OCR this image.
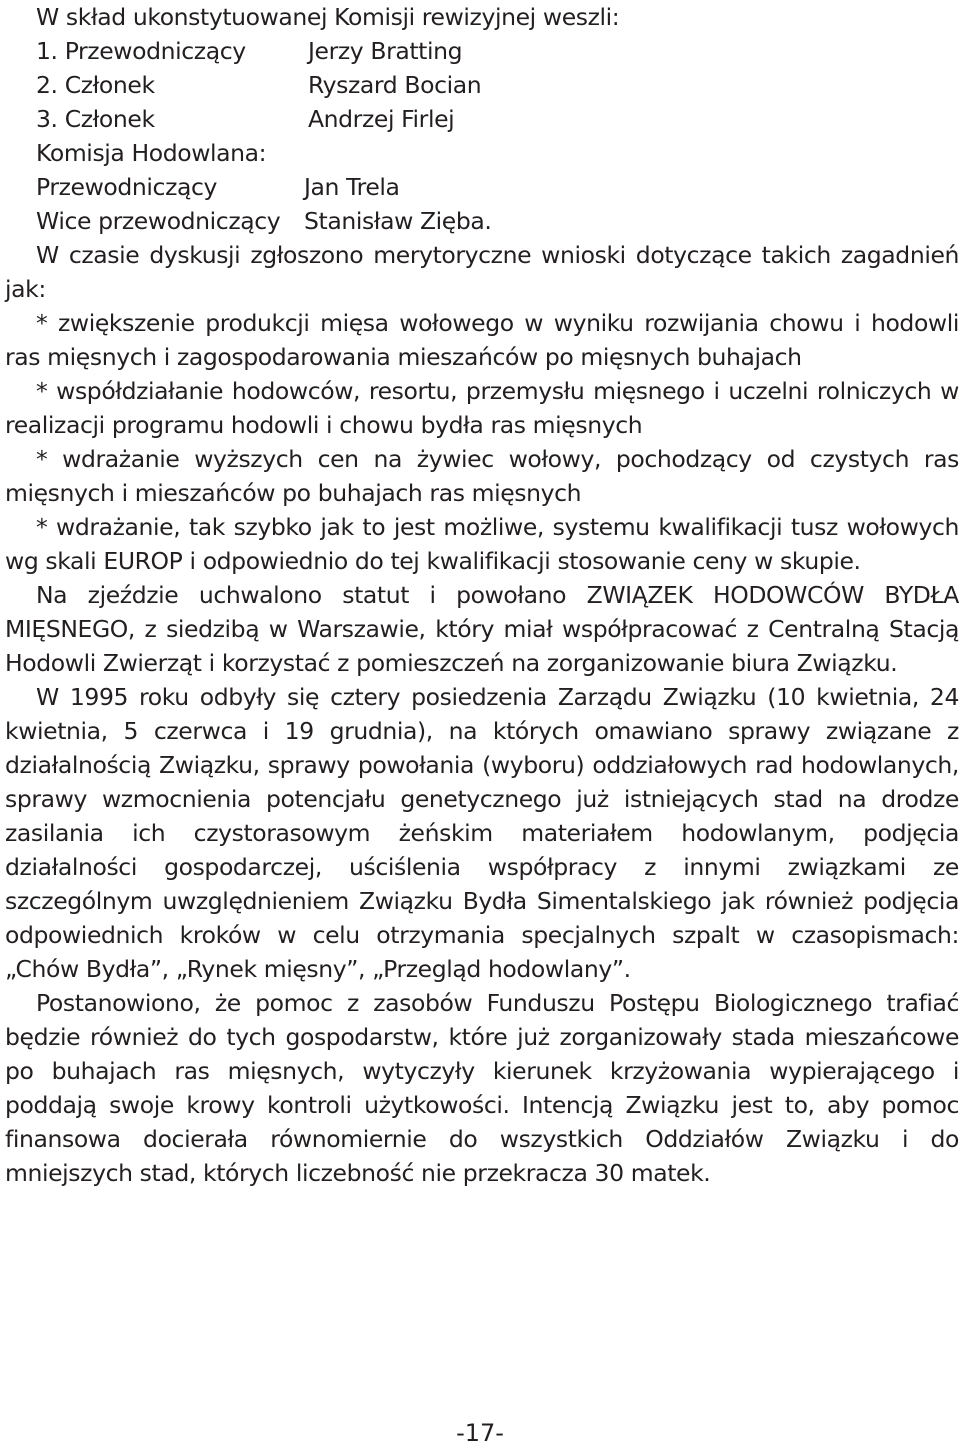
W skład ukonstytuowanej Komisji rewizyjnej weszli:
1. Przewodniczący	Jerzy Bratting
2. Członek	Ryszard Bocian
3. Członek	Andrzej Firlej
Komisja Hodowlana:
Przewodniczący	Jan Trela
Wice przewodniczący	Stanisław Zięba.

W czasie dyskusji zgłoszono merytoryczne wnioski dotyczące takich zagadnień jak:

* zwiększenie produkcji mięsa wołowego w wyniku rozwijania chowu i hodowli ras mięsnych i zagospodarowania mieszańców po mięsnych buhajach

* współdziałanie hodowców, resortu, przemysłu mięsnego i uczelni rolniczych w realizacji programu hodowli i chowu bydła ras mięsnych

* wdrażanie wyższych cen na żywiec wołowy, pochodzący od czystych ras mięsnych i mieszańców po buhajach ras mięsnych

* wdrażanie, tak szybko jak to jest możliwe, systemu kwalifikacji tusz wołowych wg skali EUROP i odpowiednio do tej kwalifikacji stosowanie ceny w skupie.

Na zjeździe uchwalono statut i powołano ZWIĄZEK HODOWCÓW BYDŁA MIĘSNEGO, z siedzibą w Warszawie, który miał współpracować z Centralną Stacją Hodowli Zwierząt i korzystać z pomieszczeń na zorganizowanie biura Związku.

W 1995 roku odbyły się cztery posiedzenia Zarządu Związku (10 kwietnia, 24 kwietnia, 5 czerwca i 19 grudnia), na których omawiano sprawy związane z działalnością Związku, sprawy powołania (wyboru) oddziałowych rad hodowlanych, sprawy wzmocnienia potencjału genetycznego już istniejących stad na drodze zasilania ich czystorasowym żeńskim materiałem hodowlanym, podjęcia działalności gospodarczej, uściślenia współpracy z innymi związkami ze szczególnym uwzględnieniem Związku Bydła Simentalskiego jak również podjęcia odpowiednich kroków w celu otrzymania specjalnych szpalt w czasopismach: „Chów Bydła”, „Rynek mięsny”, „Przegląd hodowlany”.

Postanowiono, że pomoc z zasobów Funduszu Postępu Biologicznego trafiać będzie również do tych gospodarstw, które już zorganizowały stada mieszańcowe po buhajach ras mięsnych, wytyczyły kierunek krzyżowania wypierającego i poddają swoje krowy kontroli użytkowości. Intencją Związku jest to, aby pomoc finansowa docierała równomiernie do wszystkich Oddziałów Związku i do mniejszych stad, których liczebność nie przekracza 30 matek.

-17-
